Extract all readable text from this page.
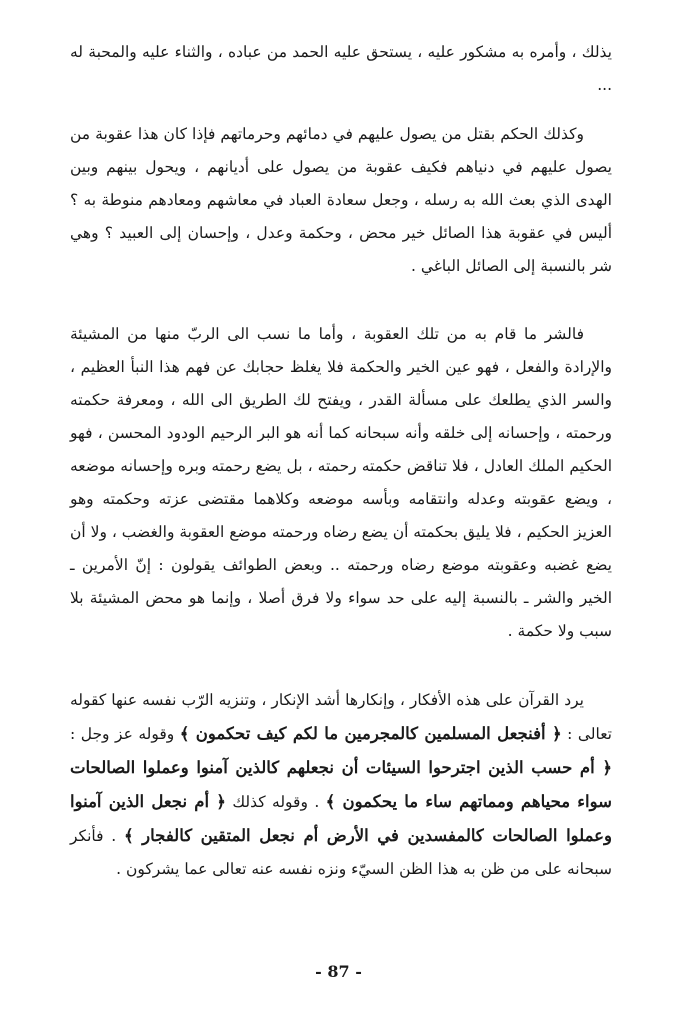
يذلك ، وأمره به مشكور عليه ، يستحق عليه الحمد من عباده ، والثناء عليه والمحبة له ...
وكذلك الحكم بقتل من يصول عليهم في دمائهم وحرماتهم فإذا كان هذا عقوبة من يصول عليهم في دنياهم فكيف عقوبة من يصول على أديانهم ، ويحول بينهم وبين الهدى الذي بعث الله به رسله ، وجعل سعادة العباد في معاشهم ومعادهم منوطة به ؟ أليس في عقوبة هذا الصائل خير محض ، وحكمة وعدل ، وإحسان إلى العبيد ؟ وهي شر بالنسبة إلى الصائل الباغي .
فالشر ما قام به من تلك العقوبة ، وأما ما نسب الى الربّ منها من المشيئة والإرادة والفعل ، فهو عين الخير والحكمة فلا يغلظ حجابك عن فهم هذا النبأ العظيم ، والسر الذي يطلعك على مسألة القدر ، ويفتح لك الطريق الى الله ، ومعرفة حكمته ورحمته ، وإحسانه إلى خلقه وأنه سبحانه كما أنه هو البر الرحيم الودود المحسن ، فهو الحكيم الملك العادل ، فلا تناقض حكمته رحمته ، بل يضع رحمته وبره وإحسانه موضعه ، ويضع عقوبته وعدله وانتقامه وبأسه موضعه وكلاهما مقتضى عزته وحكمته وهو العزيز الحكيم ، فلا يليق بحكمته أن يضع رضاه ورحمته موضع العقوبة والغضب ، ولا أن يضع غضبه وعقوبته موضع رضاه ورحمته .. وبعض الطوائف يقولون : إنّ الأمرين ـ الخير والشر ـ بالنسبة إليه على حد سواء ولا فرق أصلا ، وإنما هو محض المشيئة بلا سبب ولا حكمة .
يرد القرآن على هذه الأفكار ، وإنكارها أشد الإنكار ، وتنزيه الرّب نفسه عنها كقوله تعالى : ﴿ أفنجعل المسلمين كالمجرمين ما لكم كيف تحكمون ﴾ وقوله عز وجل : ﴿ أم حسب الذين اجترحوا السيئات أن نجعلهم كالذين آمنوا وعملوا الصالحات سواء محياهم ومماتهم ساء ما يحكمون ﴾ . وقوله كذلك ﴿ أم نجعل الذين آمنوا وعملوا الصالحات كالمفسدين في الأرض أم نجعل المتقين كالفجار ﴾ . فأنكر سبحانه على من ظن به هذا الظن السيّء ونزه نفسه عنه تعالى عما يشركون .
- 87 -
